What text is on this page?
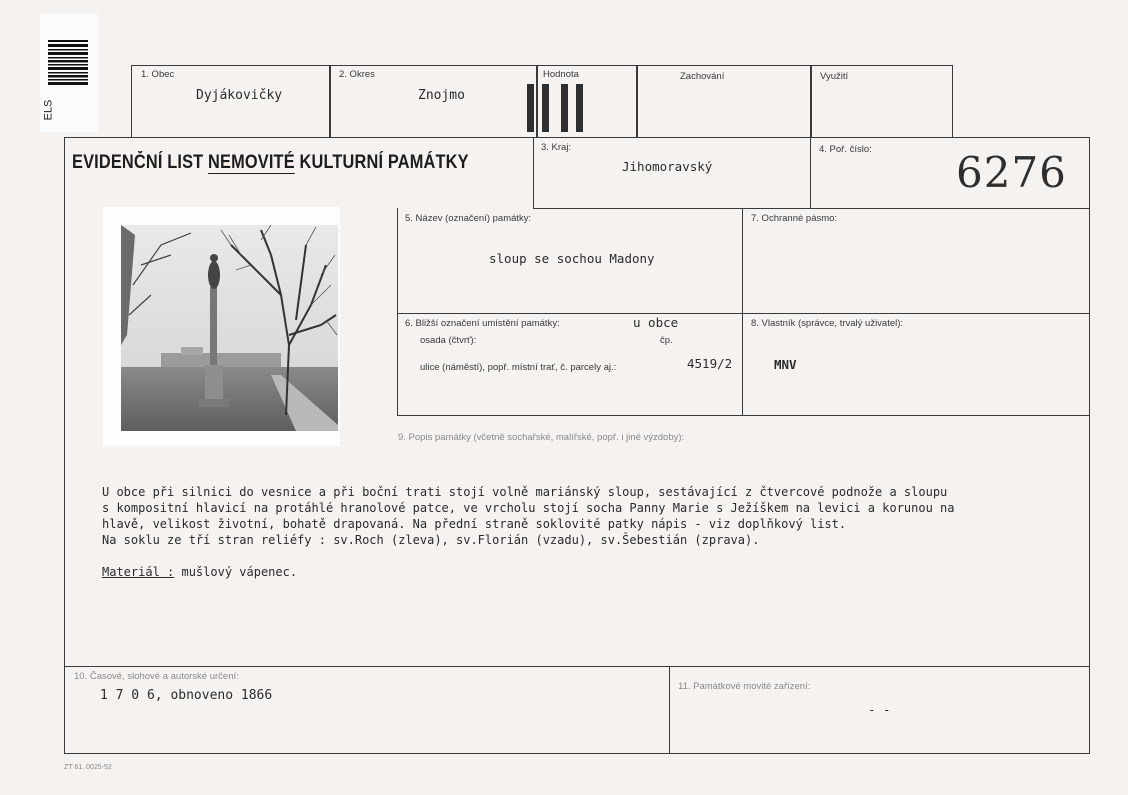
ELS
1. Obec
Dyjákovičky
2. Okres
Znojmo
Hodnota	Zachování	Využití
EVIDENČNÍ LIST NEMOVITÉ KULTURNÍ PAMÁTKY
3. Kraj:
Jihomoravský
4. Poř. číslo: 6276
5. Název (označení) památky:
sloup se sochou Madony
7. Ochranné pásmo:
6. Bližší označení umístění památky:	u obce
osada (čtvrť):	čp.
ulice (náměstí), popř. místní trať, č. parcely aj.:	4519/2
8. Vlastník (správce, trvalý uživatel):
MNV
9. Popis památky (včetně sochařské, malířské, popř. i jiné výzdoby):

U obce při silnici do vesnice a při boční trati stojí volně mariánský sloup, sestávající z čtvercové podnože a sloupu

s kompositní hlavicí na protáhlé hranolové patce, ve vrcholu stojí socha Panny Marie s Ježíškem na levici a korunou na

hlavě, velikost životní, bohatě drapovaná. Na přední straně soklovité patky nápis - viz doplňkový list.

Na soklu ze tří stran reliéfy : sv.Roch (zleva), sv.Florián (vzadu), sv.Šebestián (zprava).

Materiál : mušlový vápenec.
10. Časové, slohové a autorské určení:
1 7 0 6, obnoveno 1866
11. Památkové movité zařízení:
- -
ZT 61. 0025-52
